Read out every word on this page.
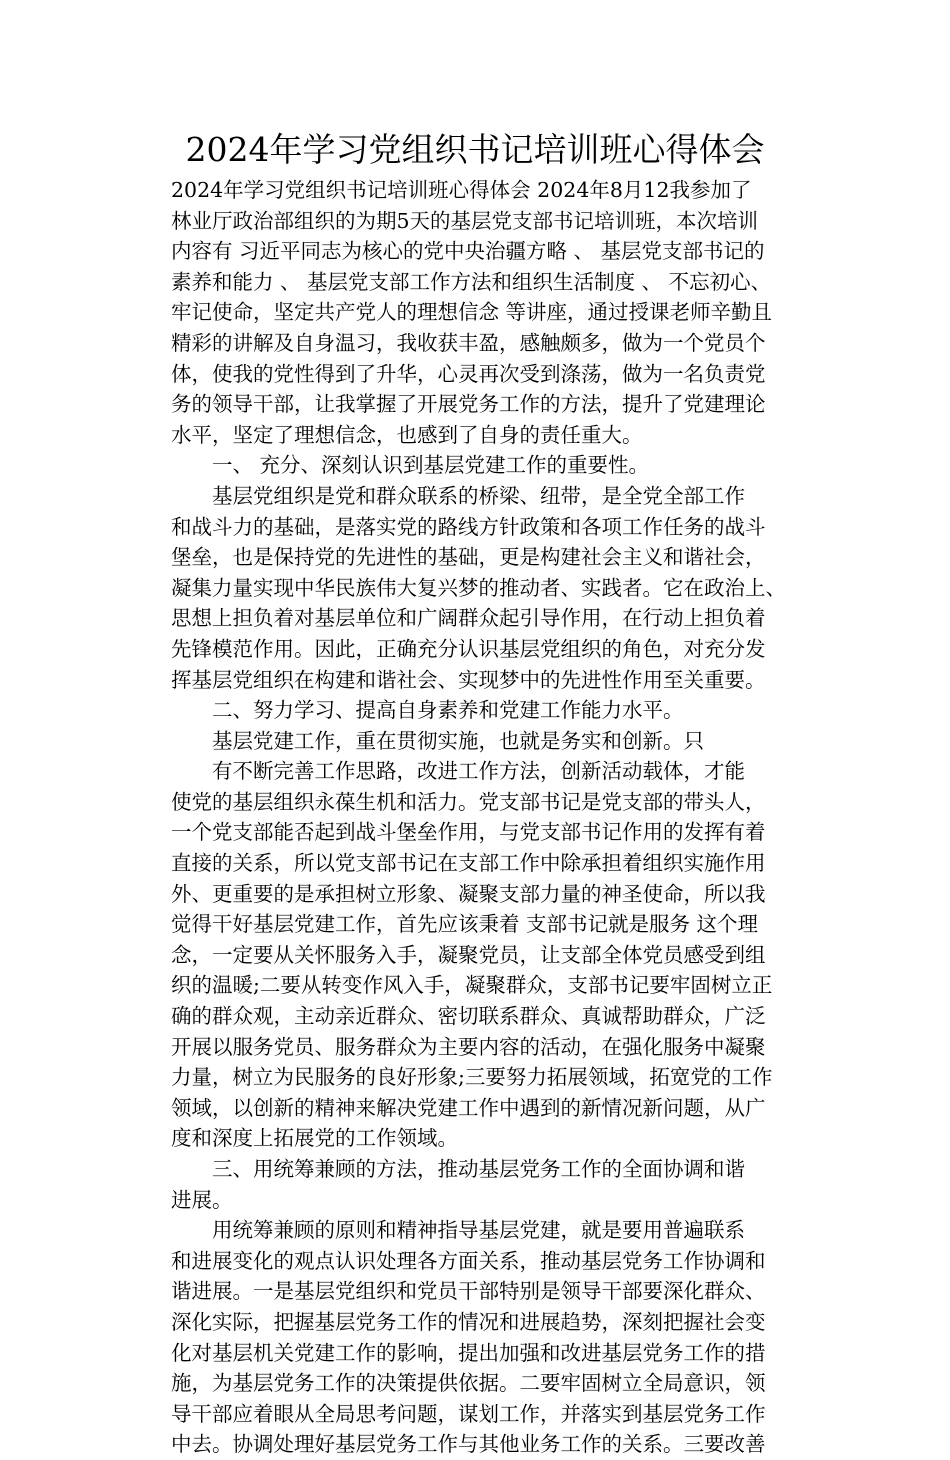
2024年学习党组织书记培训班心得体会
2024年学习党组织书记培训班心得体会 2024年8月12我参加了
林业厅政治部组织的为期5天的基层党支部书记培训班，本次培训
内容有 习近平同志为核心的党中央治疆方略 、 基层党支部书记的
素养和能力 、 基层党支部工作方法和组织生活制度 、 不忘初心、
牢记使命，坚定共产党人的理想信念 等讲座，通过授课老师辛勤且
精彩的讲解及自身温习，我收获丰盈，感触颇多，做为一个党员个
体，使我的党性得到了升华，心灵再次受到涤荡，做为一名负责党
务的领导干部，让我掌握了开展党务工作的方法，提升了党建理论
水平，坚定了理想信念，也感到了自身的责任重大。
一、 充分、深刻认识到基层党建工作的重要性。
基层党组织是党和群众联系的桥梁、纽带，是全党全部工作
和战斗力的基础，是落实党的路线方针政策和各项工作任务的战斗
堡垒，也是保持党的先进性的基础，更是构建社会主义和谐社会，
凝集力量实现中华民族伟大复兴梦的推动者、实践者。它在政治上、
思想上担负着对基层单位和广阔群众起引导作用，在行动上担负着
先锋模范作用。因此，正确充分认识基层党组织的角色，对充分发
挥基层党组织在构建和谐社会、实现梦中的先进性作用至关重要。
二、努力学习、提高自身素养和党建工作能力水平。
基层党建工作，重在贯彻实施，也就是务实和创新。只
有不断完善工作思路，改进工作方法，创新活动载体，才能
使党的基层组织永葆生机和活力。党支部书记是党支部的带头人，
一个党支部能否起到战斗堡垒作用，与党支部书记作用的发挥有着
直接的关系，所以党支部书记在支部工作中除承担着组织实施作用
外、更重要的是承担树立形象、凝聚支部力量的神圣使命，所以我
觉得干好基层党建工作，首先应该秉着 支部书记就是服务 这个理
念，一定要从关怀服务入手，凝聚党员，让支部全体党员感受到组
织的温暖;二要从转变作风入手，凝聚群众，支部书记要牢固树立正
确的群众观，主动亲近群众、密切联系群众、真诚帮助群众，广泛
开展以服务党员、服务群众为主要内容的活动，在强化服务中凝聚
力量，树立为民服务的良好形象;三要努力拓展领域，拓宽党的工作
领域，以创新的精神来解决党建工作中遇到的新情况新问题，从广
度和深度上拓展党的工作领域。
三、用统筹兼顾的方法，推动基层党务工作的全面协调和谐
进展。
用统筹兼顾的原则和精神指导基层党建，就是要用普遍联系
和进展变化的观点认识处理各方面关系，推动基层党务工作协调和
谐进展。一是基层党组织和党员干部特别是领导干部要深化群众、
深化实际，把握基层党务工作的情况和进展趋势，深刻把握社会变
化对基层机关党建工作的影响，提出加强和改进基层党务工作的措
施，为基层党务工作的决策提供依据。二要牢固树立全局意识，领
导干部应着眼从全局思考问题，谋划工作，并落实到基层党务工作
中去。协调处理好基层党务工作与其他业务工作的关系。三要改善
